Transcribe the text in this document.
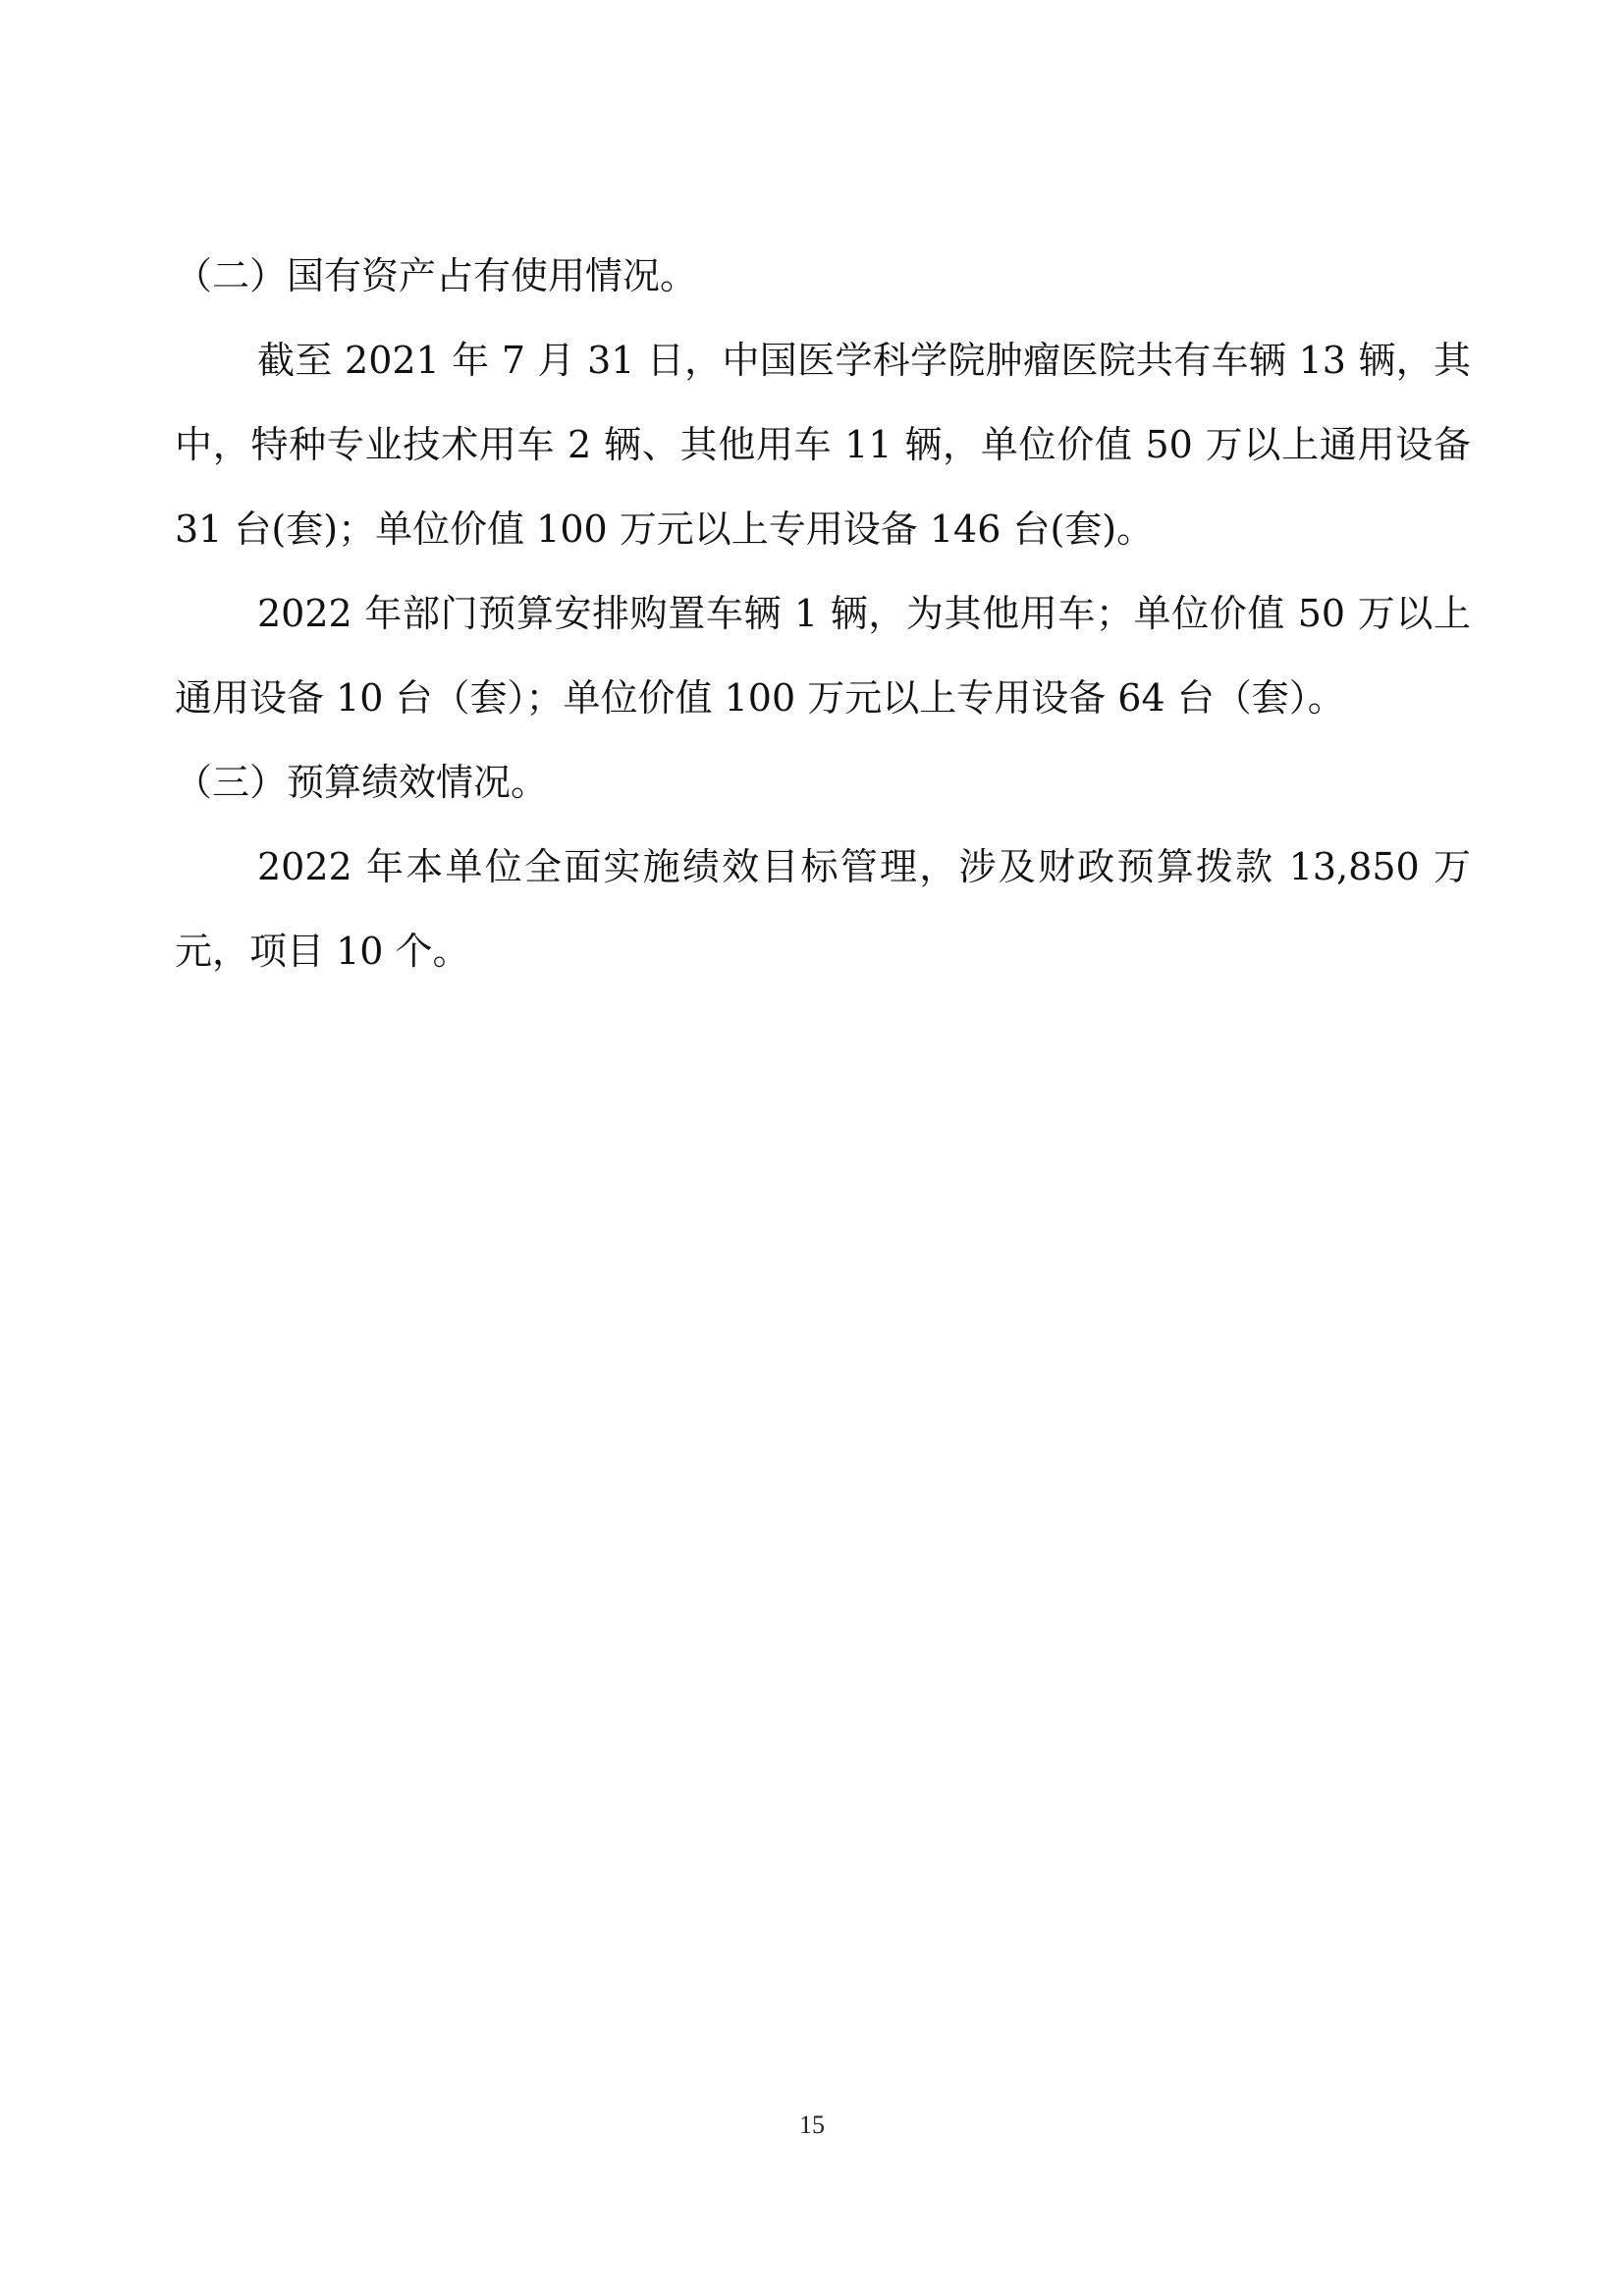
（二）国有资产占有使用情况。

截至 2021 年 7 月 31 日，中国医学科学院肿瘤医院共有车辆 13 辆，其中，特种专业技术用车 2 辆、其他用车 11 辆，单位价值 50 万以上通用设备 31 台(套)；单位价值 100 万元以上专用设备 146 台(套)。

2022 年部门预算安排购置车辆 1 辆，为其他用车；单位价值 50 万以上通用设备 10 台（套）；单位价值 100 万元以上专用设备 64 台（套）。

（三）预算绩效情况。

2022 年本单位全面实施绩效目标管理，涉及财政预算拨款 13,850 万元，项目 10 个。

15
